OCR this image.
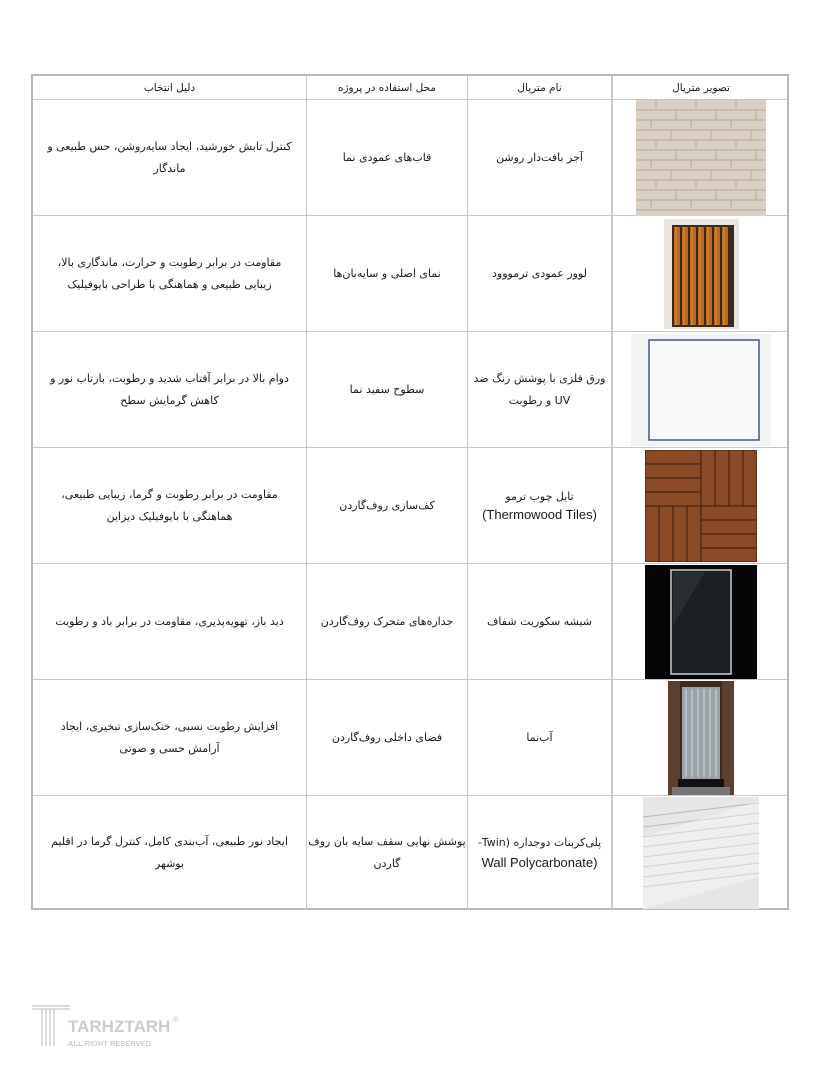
تصویر متریال
نام متریال
محل استفاده در پروژه
دلیل انتخاب
آجر بافت‌دار روشن
قاب‌های عمودی نما
کنترل تابش خورشید، ایجاد سایه‌روشن، حس طبیعی و ماندگار
لوور عمودی ترمووود
نمای اصلی و سایه‌بان‌ها
مقاومت در برابر رطوبت و حرارت، ماندگاری بالا، زیبایی طبیعی و هماهنگی با طراحی بایوفیلیک
ورق فلزی با پوشش رنگ ضد UV و رطوبت
سطوح سفید نما
دوام بالا در برابر آفتاب شدید و رطوبت، بازتاب نور و کاهش گرمایش سطح
تایل چوب ترمو
(Thermowood Tiles)
کف‌سازی روف‌گاردن
مقاومت در برابر رطوبت و گرما، زیبایی طبیعی، هماهنگی با بایوفیلیک دیزاین
شیشه سکوریت شفاف
جداره‌های متحرک روف‌گاردن
دید باز، تهویه‌پذیری، مقاومت در برابر باد و رطوبت
آب‌نما
فضای داخلی روف‌گاردن
افزایش رطوبت نسبی، خنک‌سازی تبخیری، ایجاد آرامش حسی و صوتی
پلی‌کربنات دوجداره (Twin-
Wall Polycarbonate)
پوشش نهایی سقف سایه بان روف گاردن
ایجاد نور طبیعی، آب‌بندی کامل، کنترل گرما در اقلیم بوشهر
TARHZTARH
ALL RIGHT RESERVED
®
